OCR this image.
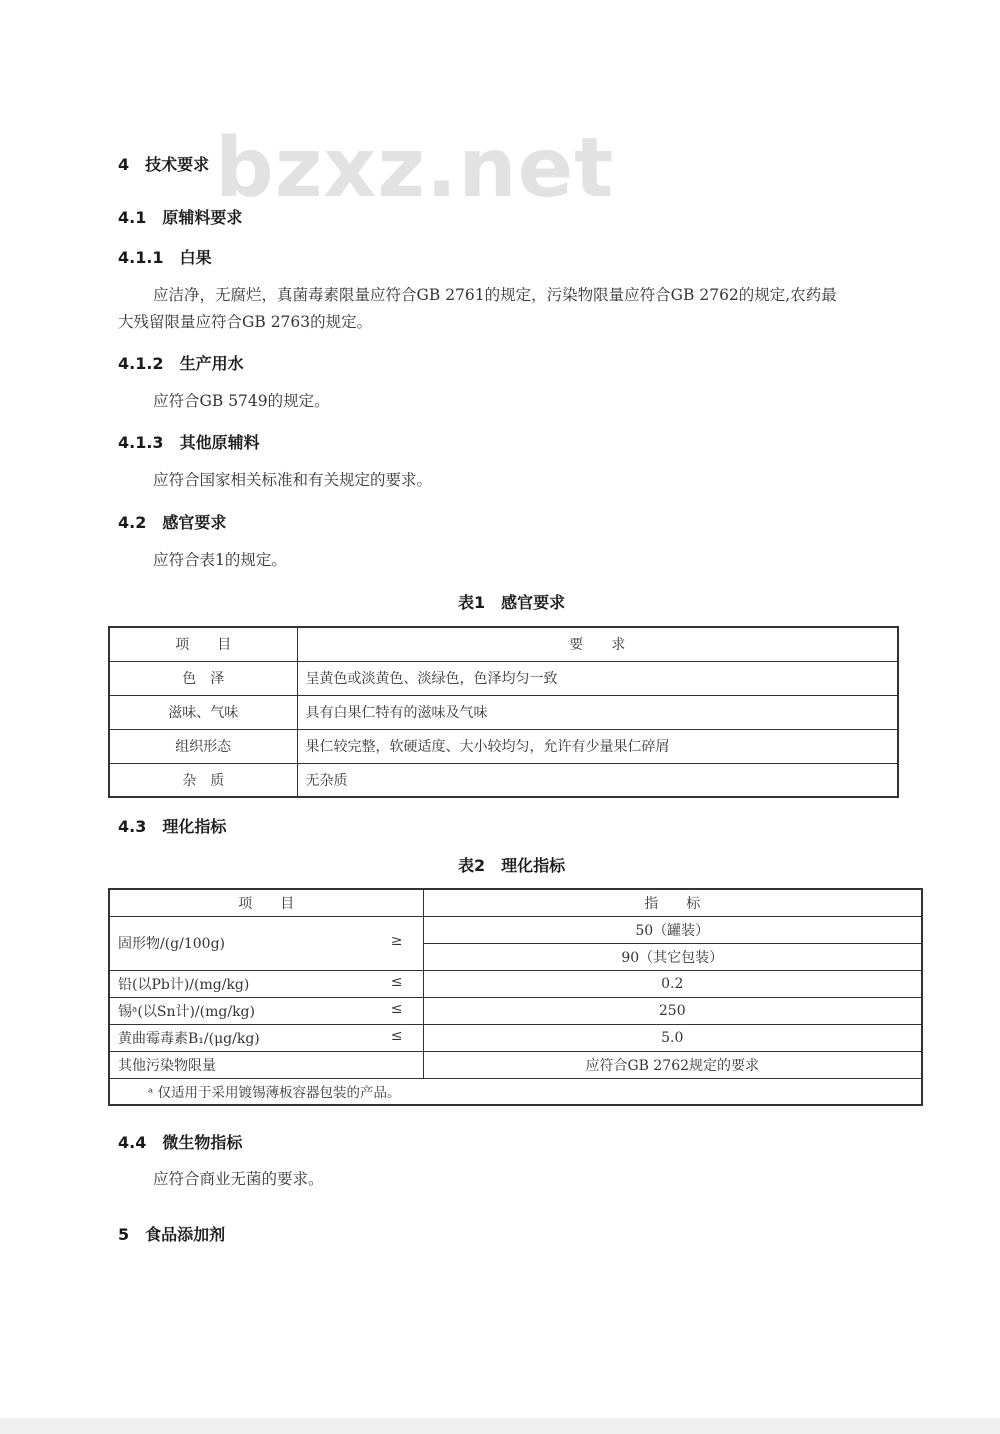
bzxz.net
4　 技术要求
4.1　 原辅料要求
4.1.1　 白果
应洁净，无腐烂，真菌毒素限量应符合GB 2761的规定，污染物限量应符合GB 2762的规定,农药最
大残留限量应符合GB 2763的规定。
4.1.2　 生产用水
应符合GB 5749的规定。
4.1.3　 其他原辅料
应符合国家相关标准和有关规定的要求。
4.2　 感官要求
应符合表1的规定。
表1　感官要求
项　　目	要　　求
色　泽	呈黄色或淡黄色、淡绿色，色泽均匀一致
滋味、气味	具有白果仁特有的滋味及气味
组织形态	果仁较完整，软硬适度、大小较均匀，允许有少量果仁碎屑
杂　质	无杂质
4.3　 理化指标
表2　理化指标
项　　目	指　　标
固形物/(g/100g) ≥	50（罐装）
	90（其它包装）
铅(以Pb计)/(mg/kg) ≤	0.2
锡ᵃ(以Sn计)/(mg/kg) ≤	250
黄曲霉毒素B₁/(μg/kg) ≤	5.0
其他污染物限量	应符合GB 2762规定的要求
ᵃ 仅适用于采用镀锡薄板容器包装的产品。	
4.4　 微生物指标
应符合商业无菌的要求。
5　 食品添加剂
